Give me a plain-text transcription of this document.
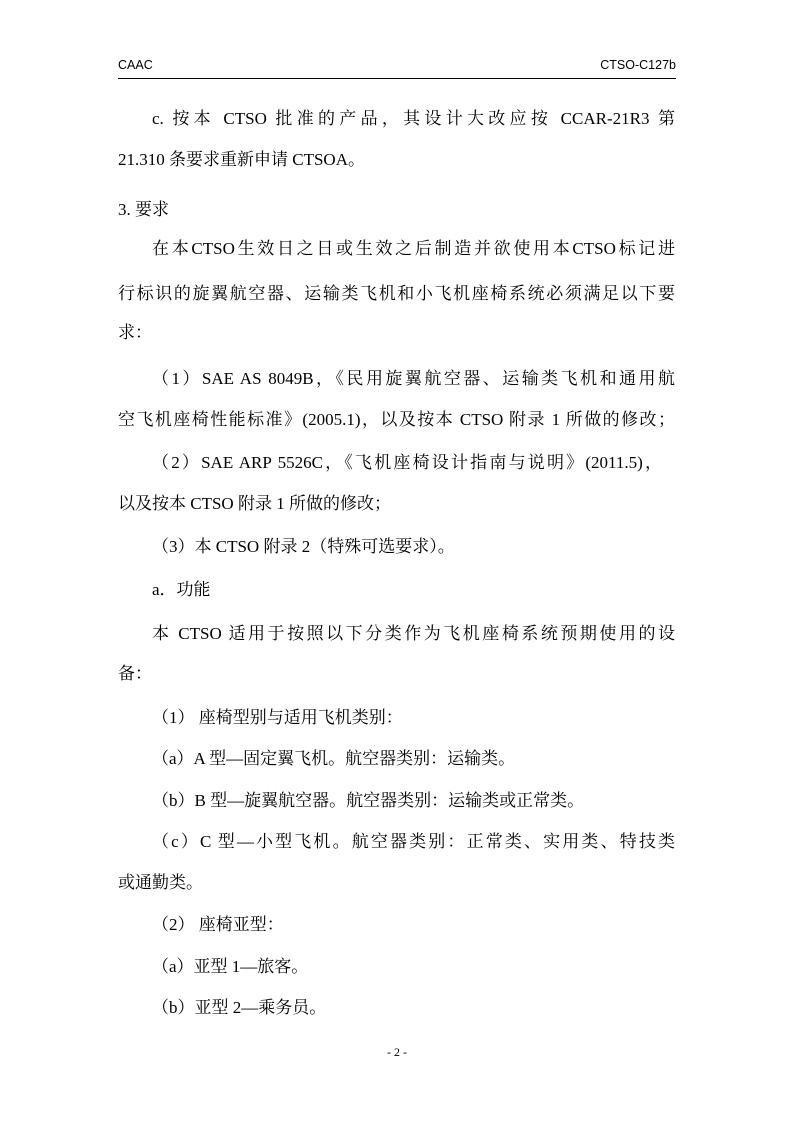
CAAC	CTSO-C127b

c. 按本 CTSO 批准的产品，其设计大改应按 CCAR-21R3 第

21.310 条要求重新申请 CTSOA。

3. 要求

在本CTSO生效日之日或生效之后制造并欲使用本CTSO标记进

行标识的旋翼航空器、运输类飞机和小飞机座椅系统必须满足以下要

求：

（1）SAE AS 8049B，《民用旋翼航空器、运输类飞机和通用航

空飞机座椅性能标准》(2005.1)，以及按本 CTSO 附录 1 所做的修改；

（2）SAE ARP 5526C，《飞机座椅设计指南与说明》(2011.5)，

以及按本 CTSO 附录 1 所做的修改；

（3）本 CTSO 附录 2（特殊可选要求）。

a．功能

本 CTSO 适用于按照以下分类作为飞机座椅系统预期使用的设

备：

（1） 座椅型别与适用飞机类别：

（a）A 型—固定翼飞机。航空器类别：运输类。

（b）B 型—旋翼航空器。航空器类别：运输类或正常类。

（c）C 型—小型飞机。航空器类别：正常类、实用类、特技类

或通勤类。

（2） 座椅亚型：

（a）亚型 1—旅客。

（b）亚型 2—乘务员。

- 2 -
